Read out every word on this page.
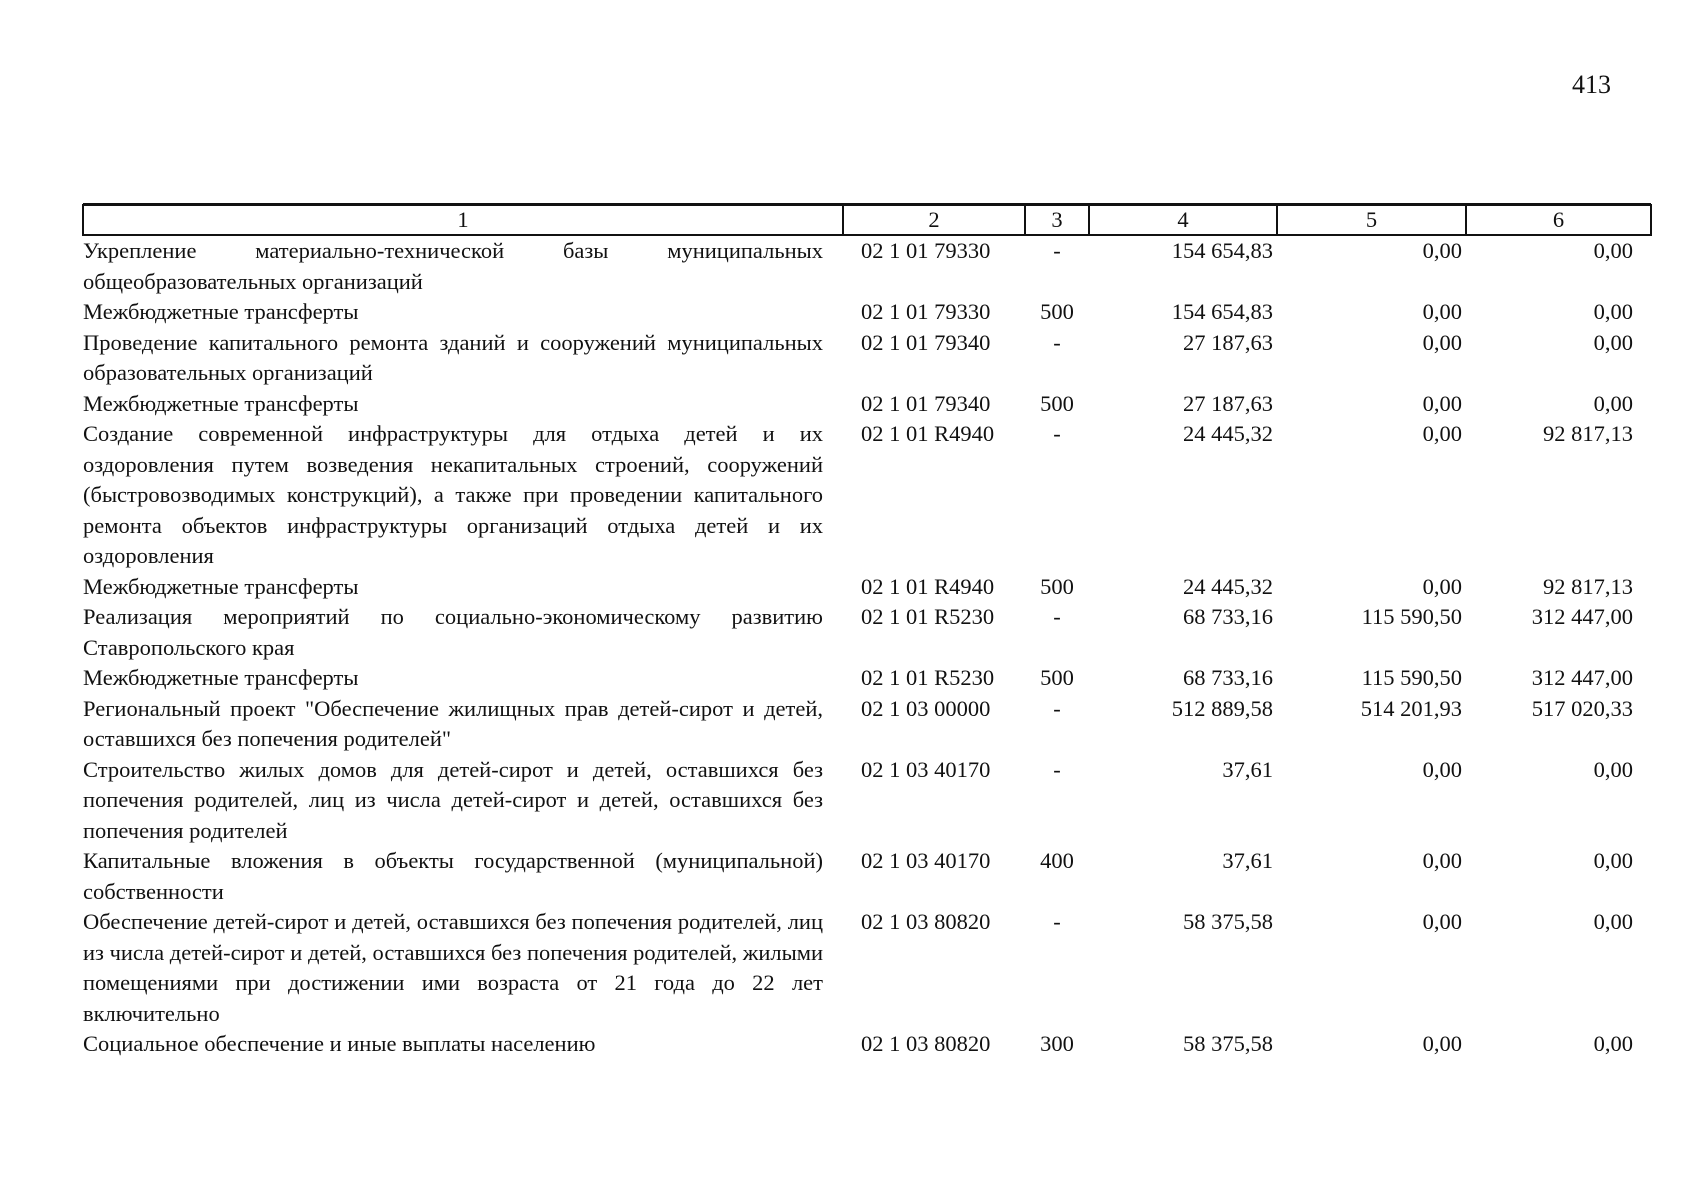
413
1	2	3	4	5	6
Укрепление материально-технической базы муниципальных общеобразовательных организаций	02 1 01 79330	-	154 654,83	0,00	0,00
Межбюджетные трансферты	02 1 01 79330	500	154 654,83	0,00	0,00
Проведение капитального ремонта зданий и сооружений муниципальных образовательных организаций	02 1 01 79340	-	27 187,63	0,00	0,00
Межбюджетные трансферты	02 1 01 79340	500	27 187,63	0,00	0,00
Создание современной инфраструктуры для отдыха детей и их оздоровления путем возведения некапитальных строений, сооружений (быстровозводимых конструкций), а также при проведении капитального ремонта объектов инфраструктуры организаций отдыха детей и их оздоровления	02 1 01 R4940	-	24 445,32	0,00	92 817,13
Межбюджетные трансферты	02 1 01 R4940	500	24 445,32	0,00	92 817,13
Реализация мероприятий по социально-экономическому развитию Ставропольского края	02 1 01 R5230	-	68 733,16	115 590,50	312 447,00
Межбюджетные трансферты	02 1 01 R5230	500	68 733,16	115 590,50	312 447,00
Региональный проект "Обеспечение жилищных прав детей-сирот и детей, оставшихся без попечения родителей"	02 1 03 00000	-	512 889,58	514 201,93	517 020,33
Строительство жилых домов для детей-сирот и детей, оставшихся без попечения родителей, лиц из числа детей-сирот и детей, оставшихся без попечения родителей	02 1 03 40170	-	37,61	0,00	0,00
Капитальные вложения в объекты государственной (муниципальной) собственности	02 1 03 40170	400	37,61	0,00	0,00
Обеспечение детей-сирот и детей, оставшихся без попечения родителей, лиц из числа детей-сирот и детей, оставшихся без попечения родителей, жилыми помещениями при достижении ими возраста от 21 года до 22 лет включительно	02 1 03 80820	-	58 375,58	0,00	0,00
Социальное обеспечение и иные выплаты населению	02 1 03 80820	300	58 375,58	0,00	0,00
